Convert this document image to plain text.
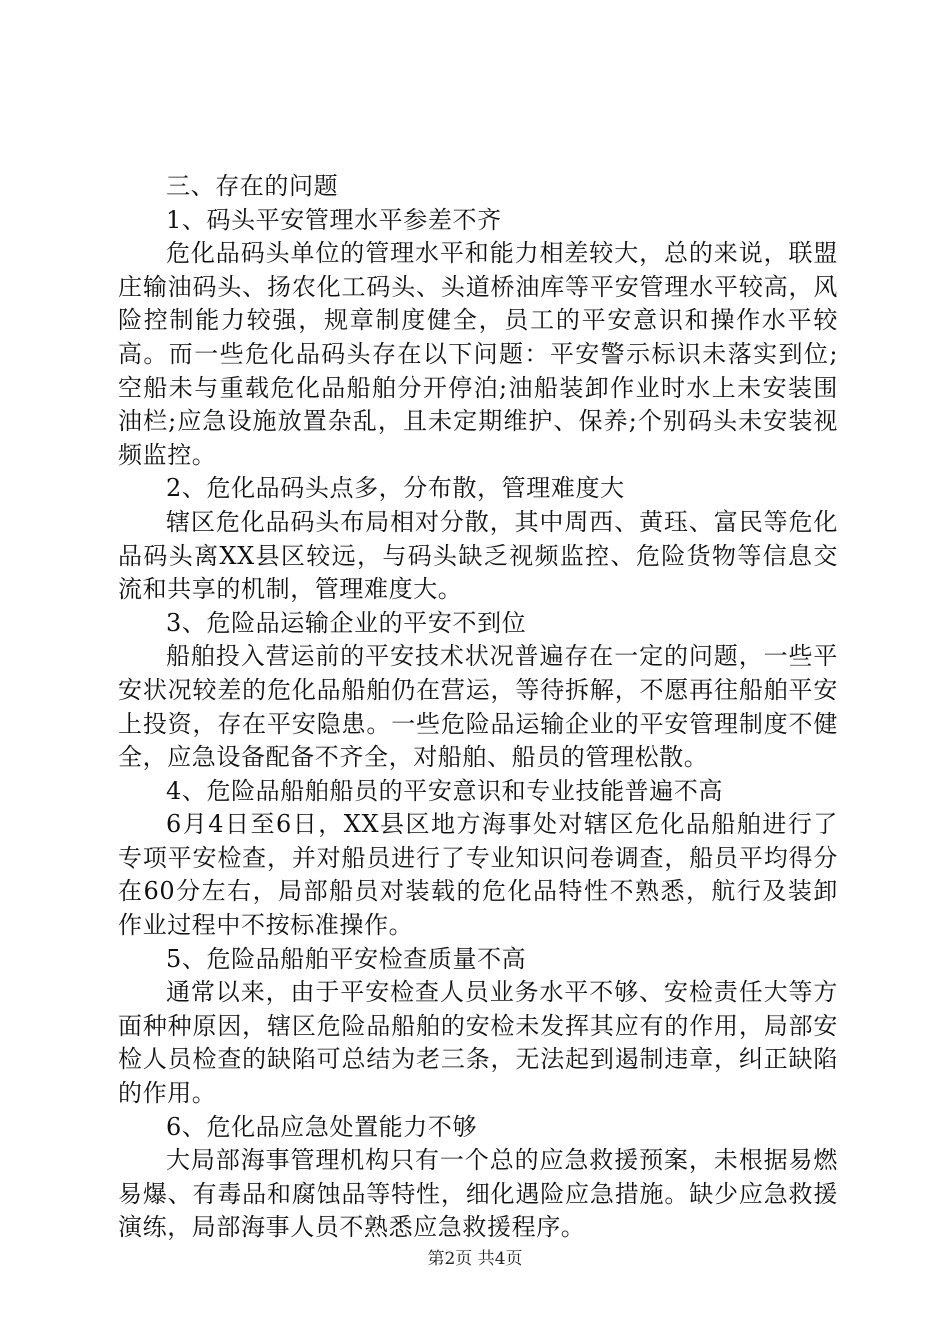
三、存在的问题

1、码头平安管理水平参差不齐

危化品码头单位的管理水平和能力相差较大，总的来说，联盟庄输油码头、扬农化工码头、头道桥油库等平安管理水平较高，风险控制能力较强，规章制度健全，员工的平安意识和操作水平较高。而一些危化品码头存在以下问题：平安警示标识未落实到位;空船未与重载危化品船舶分开停泊;油船装卸作业时水上未安装围油栏;应急设施放置杂乱，且未定期维护、保养;个别码头未安装视频监控。

2、危化品码头点多，分布散，管理难度大

辖区危化品码头布局相对分散，其中周西、黄珏、富民等危化品码头离XX县区较远，与码头缺乏视频监控、危险货物等信息交流和共享的机制，管理难度大。

3、危险品运输企业的平安不到位

船舶投入营运前的平安技术状况普遍存在一定的问题，一些平安状况较差的危化品船舶仍在营运，等待拆解，不愿再往船舶平安上投资，存在平安隐患。一些危险品运输企业的平安管理制度不健全，应急设备配备不齐全，对船舶、船员的管理松散。

4、危险品船舶船员的平安意识和专业技能普遍不高

6月4日至6日，XX县区地方海事处对辖区危化品船舶进行了专项平安检查，并对船员进行了专业知识问卷调查，船员平均得分在60分左右，局部船员对装载的危化品特性不熟悉，航行及装卸作业过程中不按标准操作。

5、危险品船舶平安检查质量不高

通常以来，由于平安检查人员业务水平不够、安检责任大等方面种种原因，辖区危险品船舶的安检未发挥其应有的作用，局部安检人员检查的缺陷可总结为老三条，无法起到遏制违章，纠正缺陷的作用。

6、危化品应急处置能力不够

大局部海事管理机构只有一个总的应急救援预案，未根据易燃易爆、有毒品和腐蚀品等特性，细化遇险应急措施。缺少应急救援演练，局部海事人员不熟悉应急救援程序。

第2页 共4页
